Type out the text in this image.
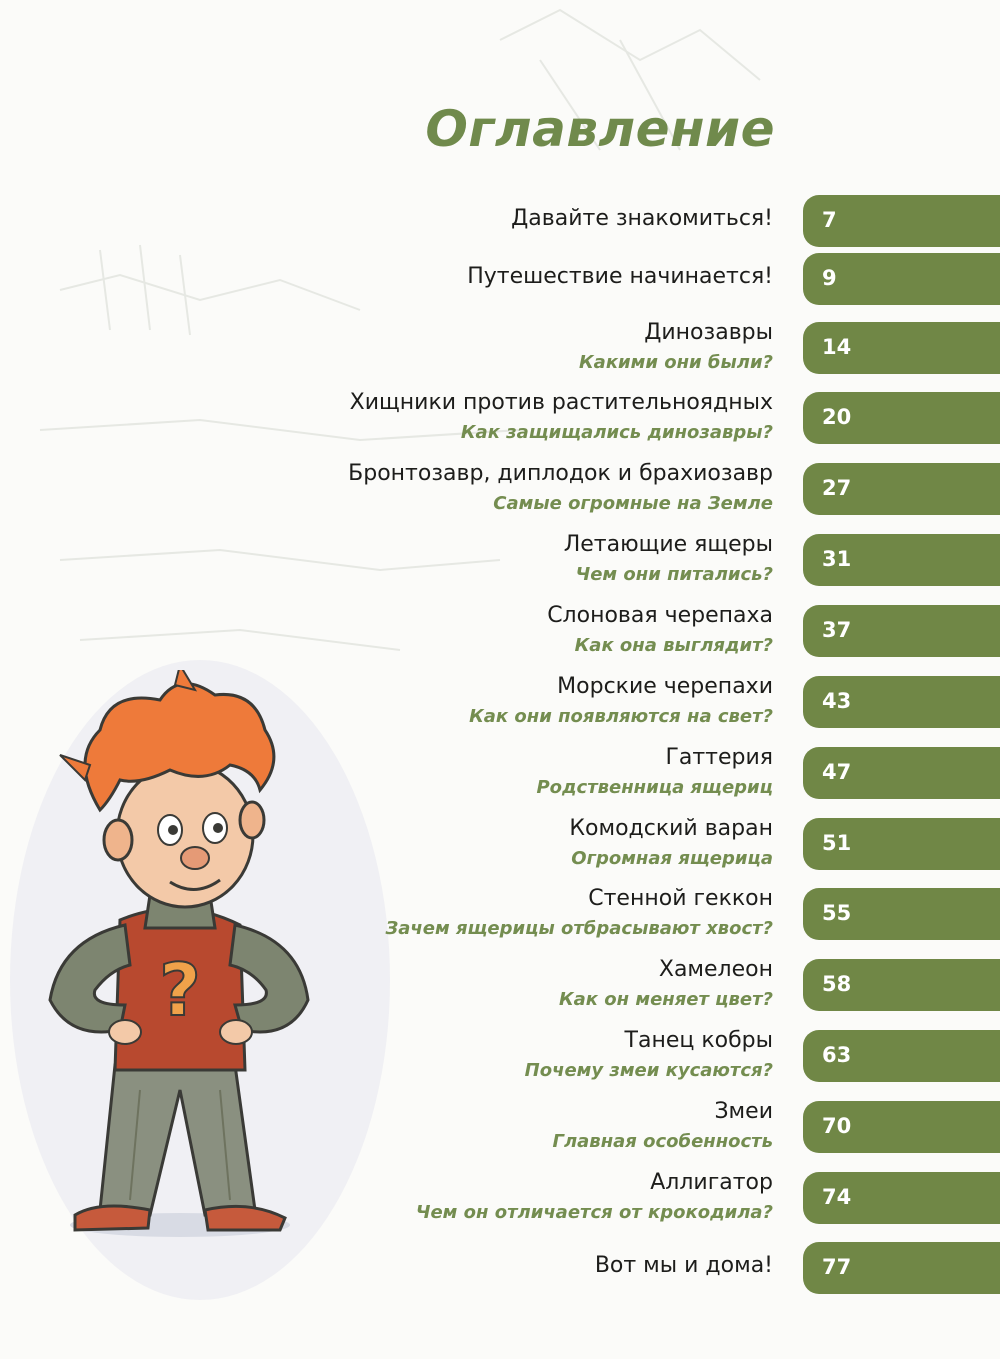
Оглавление
Давайте знакомиться! 7
Путешествие начинается! 9
Динозавры
Какими они были?
14
Хищники против растительноядных
Как защищались динозавры?
20
Бронтозавр, диплодок и брахиозавр
Самые огромные на Земле
27
Летающие ящеры
Чем они питались?
31
Слоновая черепаха
Как она выглядит?
37
Морские черепахи
Как они появляются на свет?
43
Гаттерия
Родственница ящериц
47
Комодский варан
Огромная ящерица
51
Стенной геккон
Зачем ящерицы отбрасывают хвост?
55
Хамелеон
Как он меняет цвет?
58
Танец кобры
Почему змеи кусаются?
63
Змеи
Главная особенность
70
Аллигатор
Чем он отличается от крокодила?
74
Вот мы и дома! 77
?
